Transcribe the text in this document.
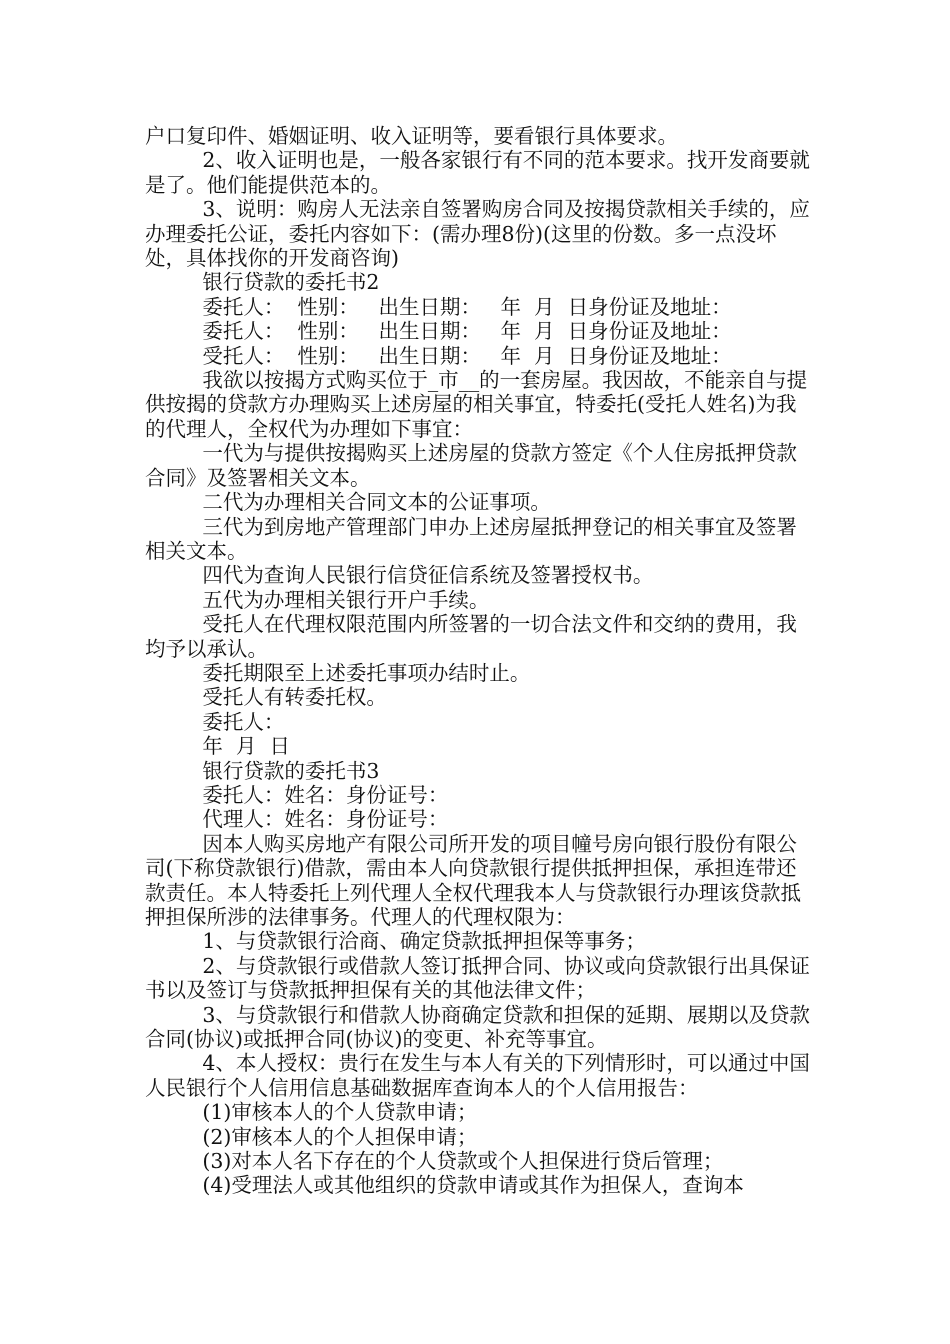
户口复印件、婚姻证明、收入证明等，要看银行具体要求。

2、收入证明也是，一般各家银行有不同的范本要求。找开发商要就是了。他们能提供范本的。

3、说明：购房人无法亲自签署购房合同及按揭贷款相关手续的，应办理委托公证，委托内容如下：(需办理8份)(这里的份数。多一点没坏处，具体找你的开发商咨询)

银行贷款的委托书2

委托人：  性别：   出生日期：   年  月  日身份证及地址：

委托人：  性别：   出生日期：   年  月  日身份证及地址：

受托人：  性别：   出生日期：   年  月  日身份证及地址：

我欲以按揭方式购买位于_市__的一套房屋。我因故，不能亲自与提供按揭的贷款方办理购买上述房屋的相关事宜，特委托(受托人姓名)为我的代理人，全权代为办理如下事宜：

一代为与提供按揭购买上述房屋的贷款方签定《个人住房抵押贷款合同》及签署相关文本。

二代为办理相关合同文本的公证事项。

三代为到房地产管理部门申办上述房屋抵押登记的相关事宜及签署相关文本。

四代为查询人民银行信贷征信系统及签署授权书。

五代为办理相关银行开户手续。

受托人在代理权限范围内所签署的一切合法文件和交纳的费用，我均予以承认。

委托期限至上述委托事项办结时止。

受托人有转委托权。

委托人：

年  月  日

银行贷款的委托书3

委托人：姓名：身份证号：

代理人：姓名：身份证号：

因本人购买房地产有限公司所开发的项目幢号房向银行股份有限公司(下称贷款银行)借款，需由本人向贷款银行提供抵押担保，承担连带还款责任。本人特委托上列代理人全权代理我本人与贷款银行办理该贷款抵押担保所涉的法律事务。代理人的代理权限为：

1、与贷款银行洽商、确定贷款抵押担保等事务；

2、与贷款银行或借款人签订抵押合同、协议或向贷款银行出具保证书以及签订与贷款抵押担保有关的其他法律文件；

3、与贷款银行和借款人协商确定贷款和担保的延期、展期以及贷款合同(协议)或抵押合同(协议)的变更、补充等事宜。

4、本人授权：贵行在发生与本人有关的下列情形时，可以通过中国人民银行个人信用信息基础数据库查询本人的个人信用报告：

(1)审核本人的个人贷款申请；

(2)审核本人的个人担保申请；

(3)对本人名下存在的个人贷款或个人担保进行贷后管理；

(4)受理法人或其他组织的贷款申请或其作为担保人，查询本
